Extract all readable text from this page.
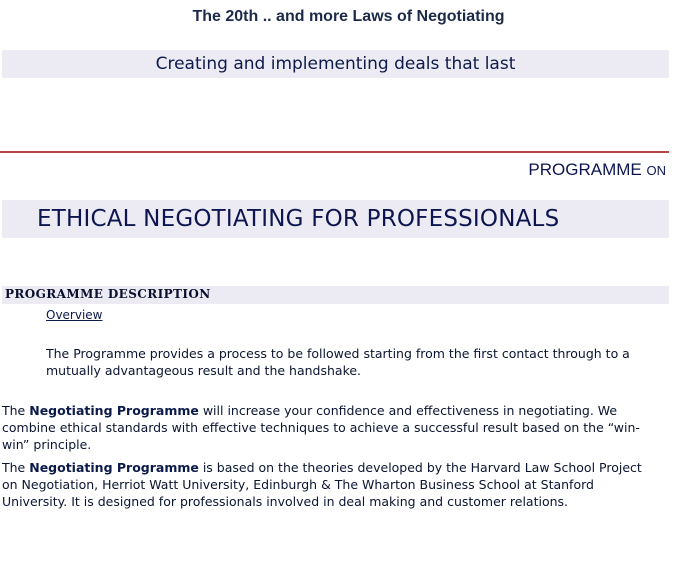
The 20th .. and more Laws of Negotiating
Creating and implementing deals that last
PROGRAMME ON
ETHICAL NEGOTIATING FOR PROFESSIONALS
PROGRAMME DESCRIPTION
Overview
The Programme provides a process to be followed starting from the first contact through to a mutually advantageous result and the handshake.
The Negotiating Programme will increase your confidence and effectiveness in negotiating. We combine ethical standards with effective techniques to achieve a successful result based on the “win-win” principle.
The Negotiating Programme is based on the theories developed by the Harvard Law School Project on Negotiation, Herriot Watt University, Edinburgh & The Wharton Business School at Stanford University. It is designed for professionals involved in deal making and customer relations.
